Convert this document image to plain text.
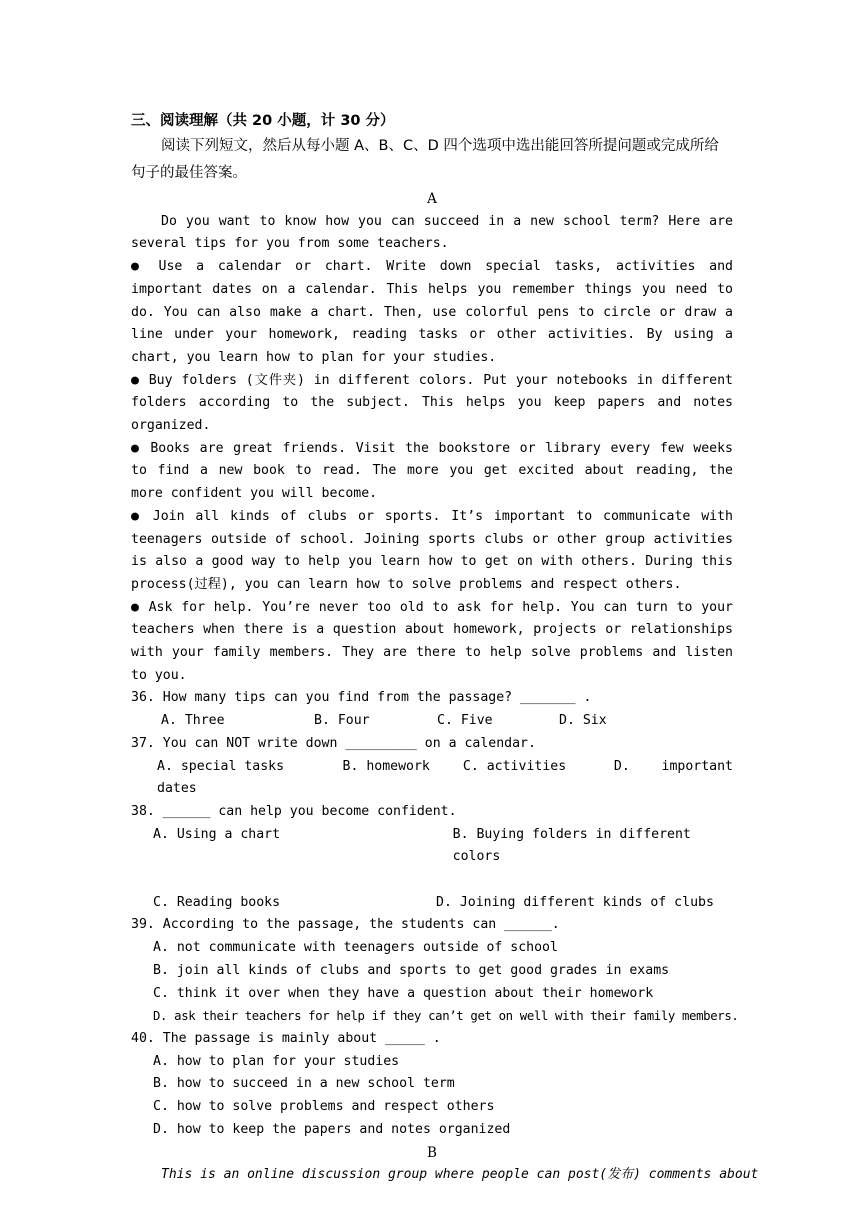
三、阅读理解（共 20 小题，计 30 分）

阅读下列短文，然后从每小题 A、B、C、D 四个选项中选出能回答所提问题或完成所给

句子的最佳答案。

A

Do you want to know how you can succeed in a new school term? Here are several tips for you from some teachers.

● Use a calendar or chart. Write down special tasks, activities and important dates on a calendar. This helps you remember things you need to do. You can also make a chart. Then, use colorful pens to circle or draw a line under your homework, reading tasks or other activities. By using a chart, you learn how to plan for your studies.

● Buy folders (文件夹) in different colors. Put your notebooks in different folders according to the subject. This helps you keep papers and notes organized.

● Books are great friends. Visit the bookstore or library every few weeks to find a new book to read. The more you get excited about reading, the more confident you will become.

● Join all kinds of clubs or sports. It’s important to communicate with teenagers outside of school. Joining sports clubs or other group activities is also a good way to help you learn how to get on with others. During this process(过程), you can learn how to solve problems and respect others.

● Ask for help. You’re never too old to ask for help. You can turn to your teachers when there is a question about homework, projects or relationships with your family members. They are there to help solve problems and listen to you.

36. How many tips can you find from the passage? _______ .

A. Three	B. Four	C. Five	D. Six

37. You can NOT write down _________ on a calendar.

A. special tasks	B. homework	C. activities	D.    important
dates

38. ______ can help you become confident.

A. Using a chart	B. Buying folders in different colors
C. Reading books	D. Joining different kinds of clubs

39. According to the passage, the students can ______.

A. not communicate with teenagers outside of school
B. join all kinds of clubs and sports to get good grades in exams
C. think it over when they have a question about their homework
D. ask their teachers for help if they can’t get on well with their family members.

40. The passage is mainly about _____ .

A. how to plan for your studies
B. how to succeed in a new school term
C. how to solve problems and respect others
D. how to keep the papers and notes organized

B

This is an online discussion group where people can post(发布) comments about
